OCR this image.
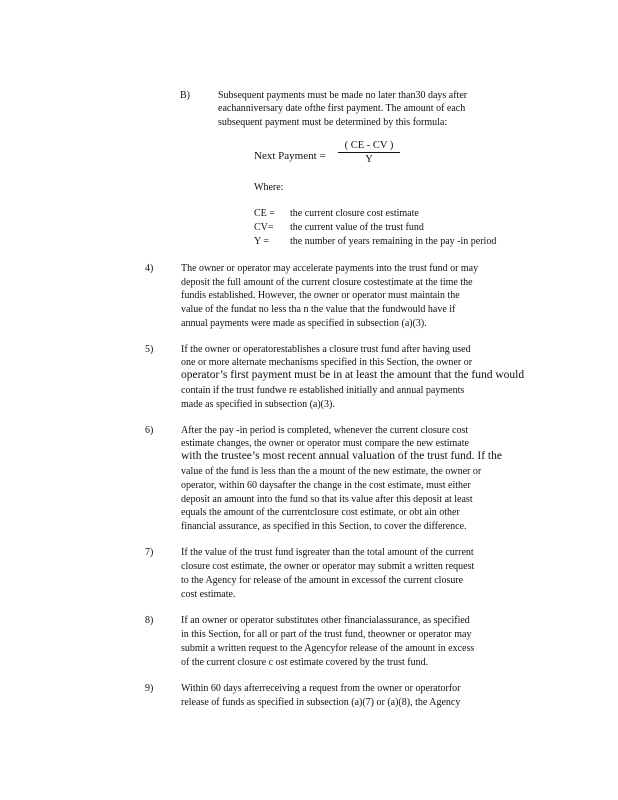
B)	Subsequent payments must be made no later than30 days after
eachanniversary date ofthe first payment. The amount of each
subsequent payment must be determined by this formula:
Next Payment =
( CE - CV )
Y
Where:
CE = the current closure cost estimate
CV= the current value of the trust fund
Y = the number of years remaining in the pay -in period
4)	The owner or operator may accelerate payments into the trust fund or may
deposit the full amount of the current closure costestimate at the time the
fundis established. However, the owner or operator must maintain the
value of the fundat no less tha n the value that the fundwould have if
annual payments were made as specified in subsection (a)(3).
5)	If the owner or operatorestablishes a closure trust fund after having used
one or more alternate mechanisms specified in this Section, the owner or
operator’s first payment must be in at least the amount that the fund would
contain if the trust fundwe re established initially and annual payments
made as specified in subsection (a)(3).
6)	After the pay -in period is completed, whenever the current closure cost
estimate changes, the owner or operator must compare the new estimate
with the trustee’s most recent annual valuation of the trust fund. If the
value of the fund is less than the a mount of the new estimate, the owner or
operator, within 60 daysafter the change in the cost estimate, must either
deposit an amount into the fund so that its value after this deposit at least
equals the amount of the currentclosure cost estimate, or obt ain other
financial assurance, as specified in this Section, to cover the difference.
7)	If the value of the trust fund isgreater than the total amount of the current
closure cost estimate, the owner or operator may submit a written request
to the Agency for release of the amount in excessof the current closure
cost estimate.
8)	If an owner or operator substitutes other financialassurance, as specified
in this Section, for all or part of the trust fund, theowner or operator may
submit a written request to the Agencyfor release of the amount in excess
of the current closure c ost estimate covered by the trust fund.
9)	Within 60 days afterreceiving a request from the owner or operatorfor
release of funds as specified in subsection (a)(7) or (a)(8), the Agency
